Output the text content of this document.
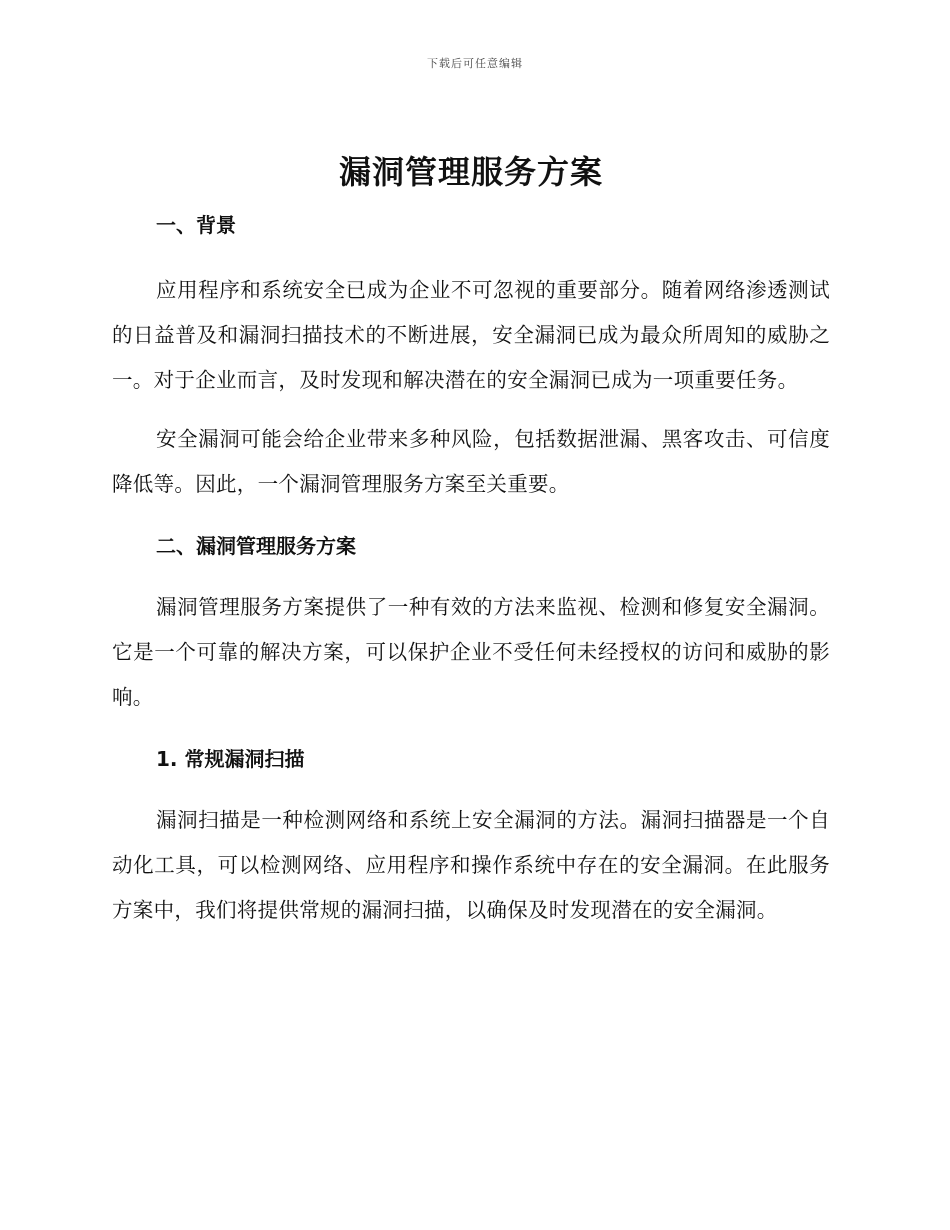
下载后可任意编辑
漏洞管理服务方案
一、背景

应用程序和系统安全已成为企业不可忽视的重要部分。随着网络渗透测试的日益普及和漏洞扫描技术的不断进展，安全漏洞已成为最众所周知的威胁之一。对于企业而言，及时发现和解决潜在的安全漏洞已成为一项重要任务。

安全漏洞可能会给企业带来多种风险，包括数据泄漏、黑客攻击、可信度降低等。因此，一个漏洞管理服务方案至关重要。

二、漏洞管理服务方案

漏洞管理服务方案提供了一种有效的方法来监视、检测和修复安全漏洞。它是一个可靠的解决方案，可以保护企业不受任何未经授权的访问和威胁的影响。

1. 常规漏洞扫描

漏洞扫描是一种检测网络和系统上安全漏洞的方法。漏洞扫描器是一个自动化工具，可以检测网络、应用程序和操作系统中存在的安全漏洞。在此服务方案中，我们将提供常规的漏洞扫描，以确保及时发现潜在的安全漏洞。
